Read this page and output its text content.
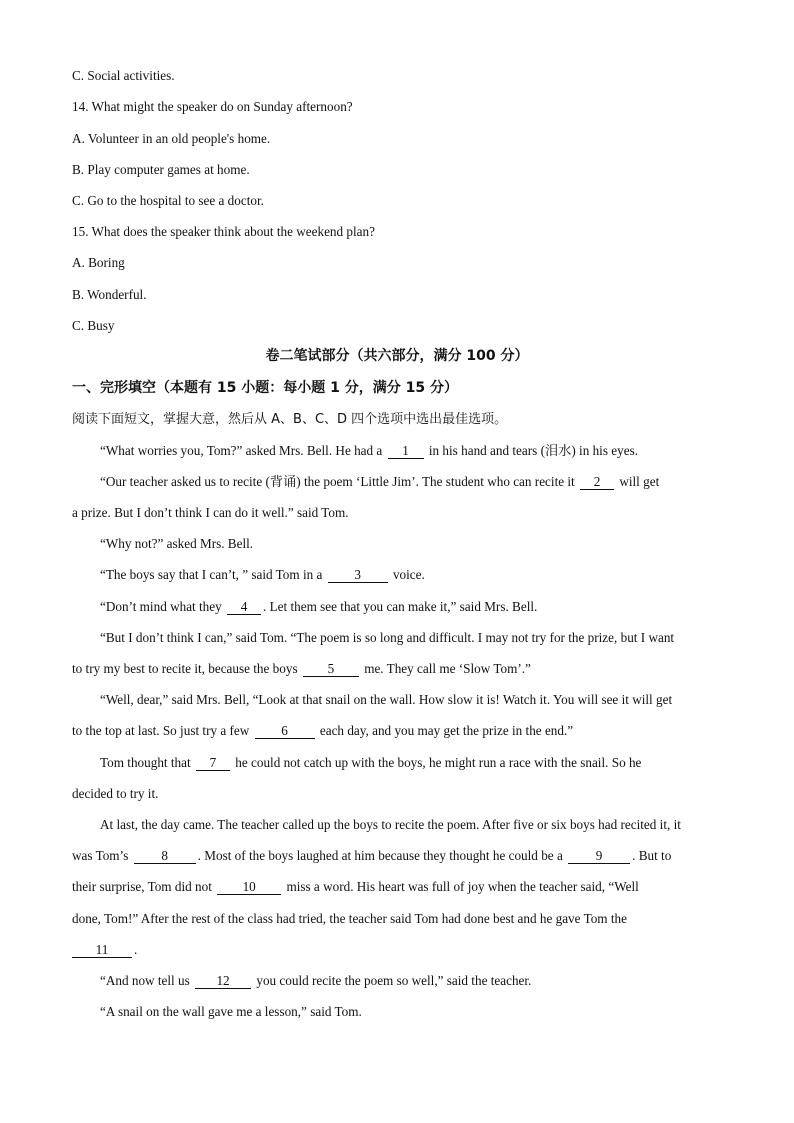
C. Social activities.
14. What might the speaker do on Sunday afternoon?
A. Volunteer in an old people's home.
B. Play computer games at home.
C. Go to the hospital to see a doctor.
15. What does the speaker think about the weekend plan?
A. Boring
B. Wonderful.
C. Busy
卷二笔试部分（共六部分，满分 100 分）
一、完形填空（本题有 15 小题：每小题 1 分，满分 15 分）
阅读下面短文，掌握大意，然后从 A、B、C、D 四个选项中选出最佳选项。
“What worries you, Tom?” asked Mrs. Bell. He had a 1 in his hand and tears (泪水) in his eyes.
“Our teacher asked us to recite (背诵) the poem ‘Little Jim’. The student who can recite it 2 will get
a prize. But I don’t think I can do it well.” said Tom.
“Why not?” asked Mrs. Bell.
“The boys say that I can’t, ” said Tom in a 3 voice.
“Don’t mind what they 4 . Let them see that you can make it,” said Mrs. Bell.
“But I don’t think I can,” said Tom. “The poem is so long and difficult. I may not try for the prize, but I want
to try my best to recite it, because the boys 5 me. They call me ‘Slow Tom’.”
“Well, dear,” said Mrs. Bell, “Look at that snail on the wall. How slow it is! Watch it. You will see it will get
to the top at last. So just try a few 6 each day, and you may get the prize in the end.”
Tom thought that 7 he could not catch up with the boys, he might run a race with the snail. So he
decided to try it.
At last, the day came. The teacher called up the boys to recite the poem. After five or six boys had recited it, it
was Tom’s 8 . Most of the boys laughed at him because they thought he could be a 9 . But to
their surprise, Tom did not 10 miss a word. His heart was full of joy when the teacher said, “Well
done, Tom!” After the rest of the class had tried, the teacher said Tom had done best and he gave Tom the
11 .
“And now tell us 12 you could recite the poem so well,” said the teacher.
“A snail on the wall gave me a lesson,” said Tom.
